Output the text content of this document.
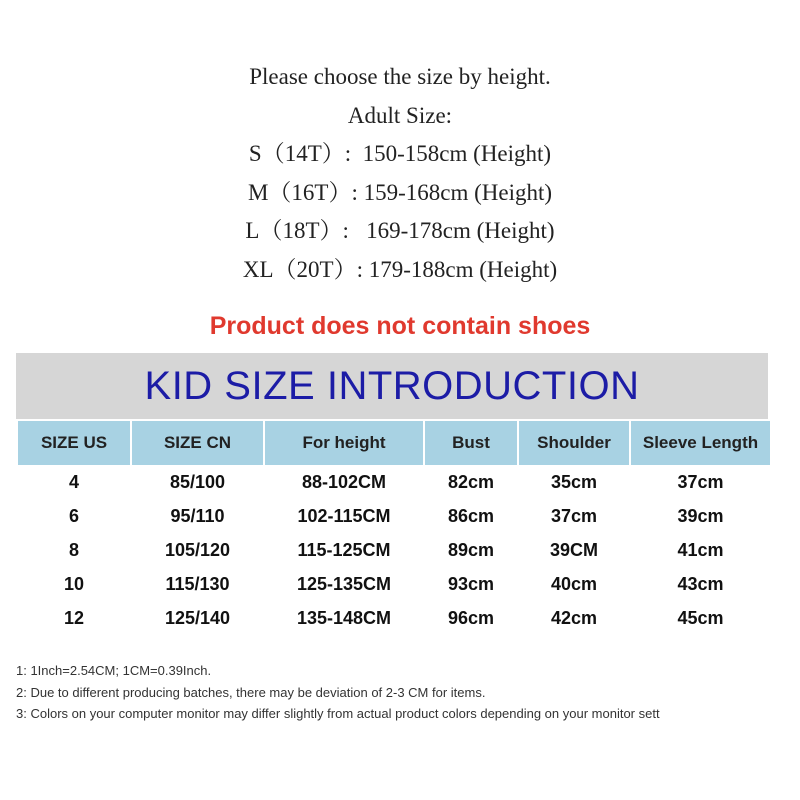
Please choose the size by height.
Adult Size:
S（14T）:  150-158cm (Height)
M（16T）: 159-168cm (Height)
L（18T）:   169-178cm (Height)
XL（20T）: 179-188cm (Height)
Product does not contain shoes
KID SIZE INTRODUCTION
SIZE US	SIZE CN	For height	Bust	Shoulder	Sleeve Length
4	85/100	88-102CM	82cm	35cm	37cm
6	95/110	102-115CM	86cm	37cm	39cm
8	105/120	115-125CM	89cm	39CM	41cm
10	115/130	125-135CM	93cm	40cm	43cm
12	125/140	135-148CM	96cm	42cm	45cm
1: 1Inch=2.54CM; 1CM=0.39Inch.
2: Due to different producing batches, there may be deviation of 2-3 CM for items.
3: Colors on your computer monitor may differ slightly from actual product colors depending on your monitor sett
